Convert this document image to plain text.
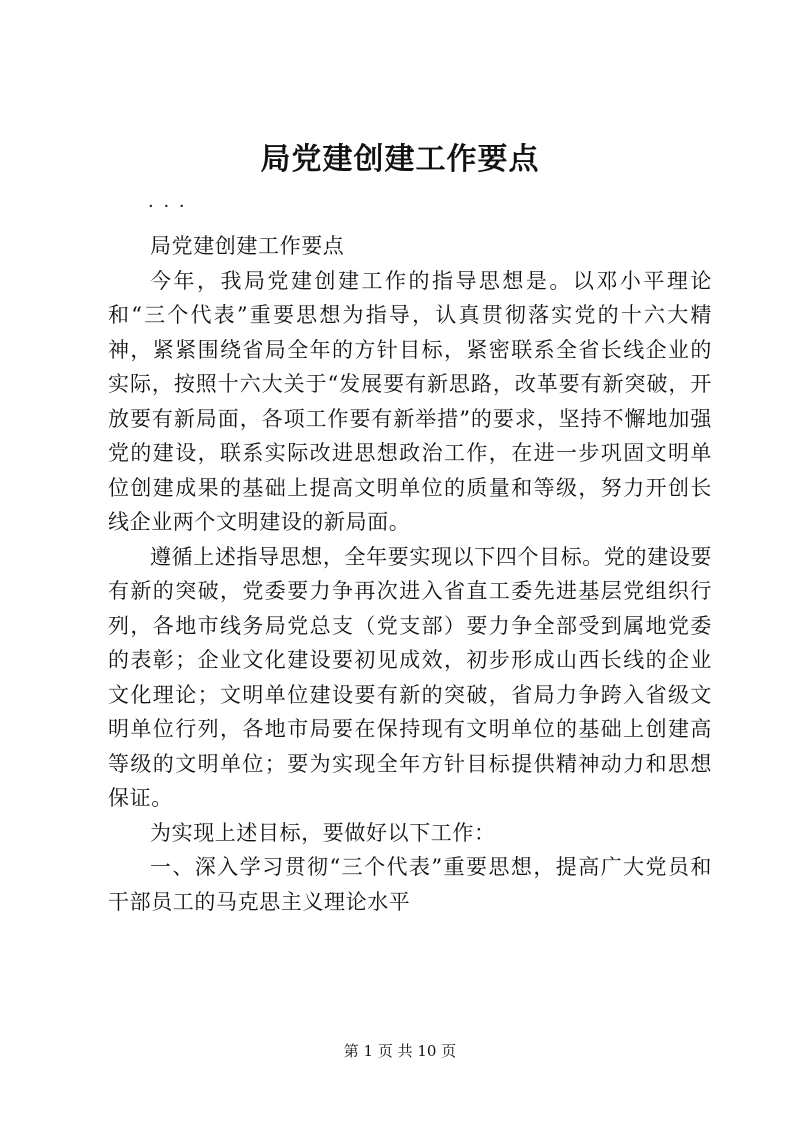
局党建创建工作要点
· · ·

局党建创建工作要点

今年，我局党建创建工作的指导思想是。以邓小平理论和“三个代表”重要思想为指导，认真贯彻落实党的十六大精神，紧紧围绕省局全年的方针目标，紧密联系全省长线企业的实际，按照十六大关于“发展要有新思路，改革要有新突破，开放要有新局面，各项工作要有新举措”的要求，坚持不懈地加强党的建设，联系实际改进思想政治工作，在进一步巩固文明单位创建成果的基础上提高文明单位的质量和等级，努力开创长线企业两个文明建设的新局面。

遵循上述指导思想，全年要实现以下四个目标。党的建设要有新的突破，党委要力争再次进入省直工委先进基层党组织行列，各地市线务局党总支（党支部）要力争全部受到属地党委的表彰；企业文化建设要初见成效，初步形成山西长线的企业文化理论；文明单位建设要有新的突破，省局力争跨入省级文明单位行列，各地市局要在保持现有文明单位的基础上创建高等级的文明单位；要为实现全年方针目标提供精神动力和思想保证。

为实现上述目标，要做好以下工作：

一、深入学习贯彻“三个代表”重要思想，提高广大党员和干部员工的马克思主义理论水平

第 1 页 共 10 页
